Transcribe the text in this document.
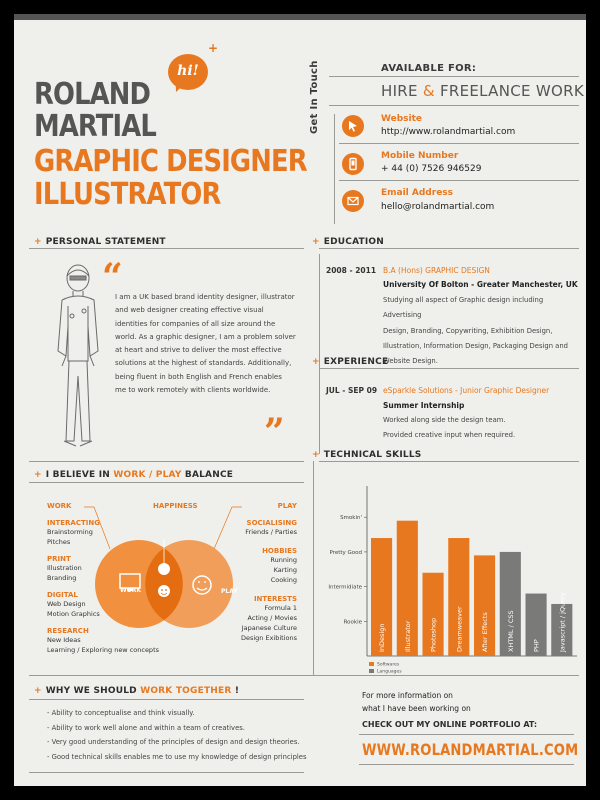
hi!
+
ROLAND
MARTIAL
GRAPHIC DESIGNER
ILLUSTRATOR
AVAILABLE FOR:
HIRE & FREELANCE WORK
Get In Touch	Website
http://www.rolandmartial.com
Mobile Number
+ 44 (0) 7526 946529
Email Address
hello@rolandmartial.com
+ PERSONAL STATEMENT	+ EDUCATION
“
I am a UK based brand identity designer, illustrator
and web designer creating effective visual
identities for companies of all size around the
world. As a graphic designer, I am a problem solver
at heart and strive to deliver the most effective
solutions at the highest of standards. Additionally,
being fluent in both English and French enables
me to work remotely with clients worldwide.
”
2008 - 2011 B.A (Hons) GRAPHIC DESIGN
University Of Bolton - Greater Manchester, UK
Studying all aspect of Graphic design including Advertising
Design, Branding, Copywriting, Exhibition Design,
Illustration, Information Design, Packaging Design and
Website Design.
+ EXPERIENCE
JUL - SEP 09 eSparkle Solutions - Junior Graphic Designer
Summer Internship
Worked along side the design team.
Provided creative input when required.
+ I BELIEVE IN WORK / PLAY BALANCE
+ TECHNICAL SKILLS
WORK	HAPPINESS	PLAY
INTERACTING
Brainstorming
Pitches
PRINT
Illustration
Branding
DIGITAL
Web Design
Motion Graphics
RESEARCH
New Ideas
Learning / Exploring new concepts
SOCIALISING
Friends / Parties
HOBBIES
Running
Karting
Cooking
INTERESTS
Formula 1
Acting / Movies
Japanese Culture
Design Exibitions
WORK	PLAY
Rookie
Intermidiate
Pretty Good
Smokin'
InDesign	Illustrator	Photoshop	Dreamweaver	After Effects	XHTML / CSS	PHP	Javascript / jQuery
Softwares
Languages
+ WHY WE SHOULD WORK TOGETHER !
- Ability to conceptualise and think visually.
- Ability to work well alone and within a team of creatives.
- Very good understanding of the principles of design and design theories.
- Good technical skills enables me to use my knowledge of design principles
For more information on
what I have been working on
CHECK OUT MY ONLINE PORTFOLIO AT:
WWW.ROLANDMARTIAL.COM
